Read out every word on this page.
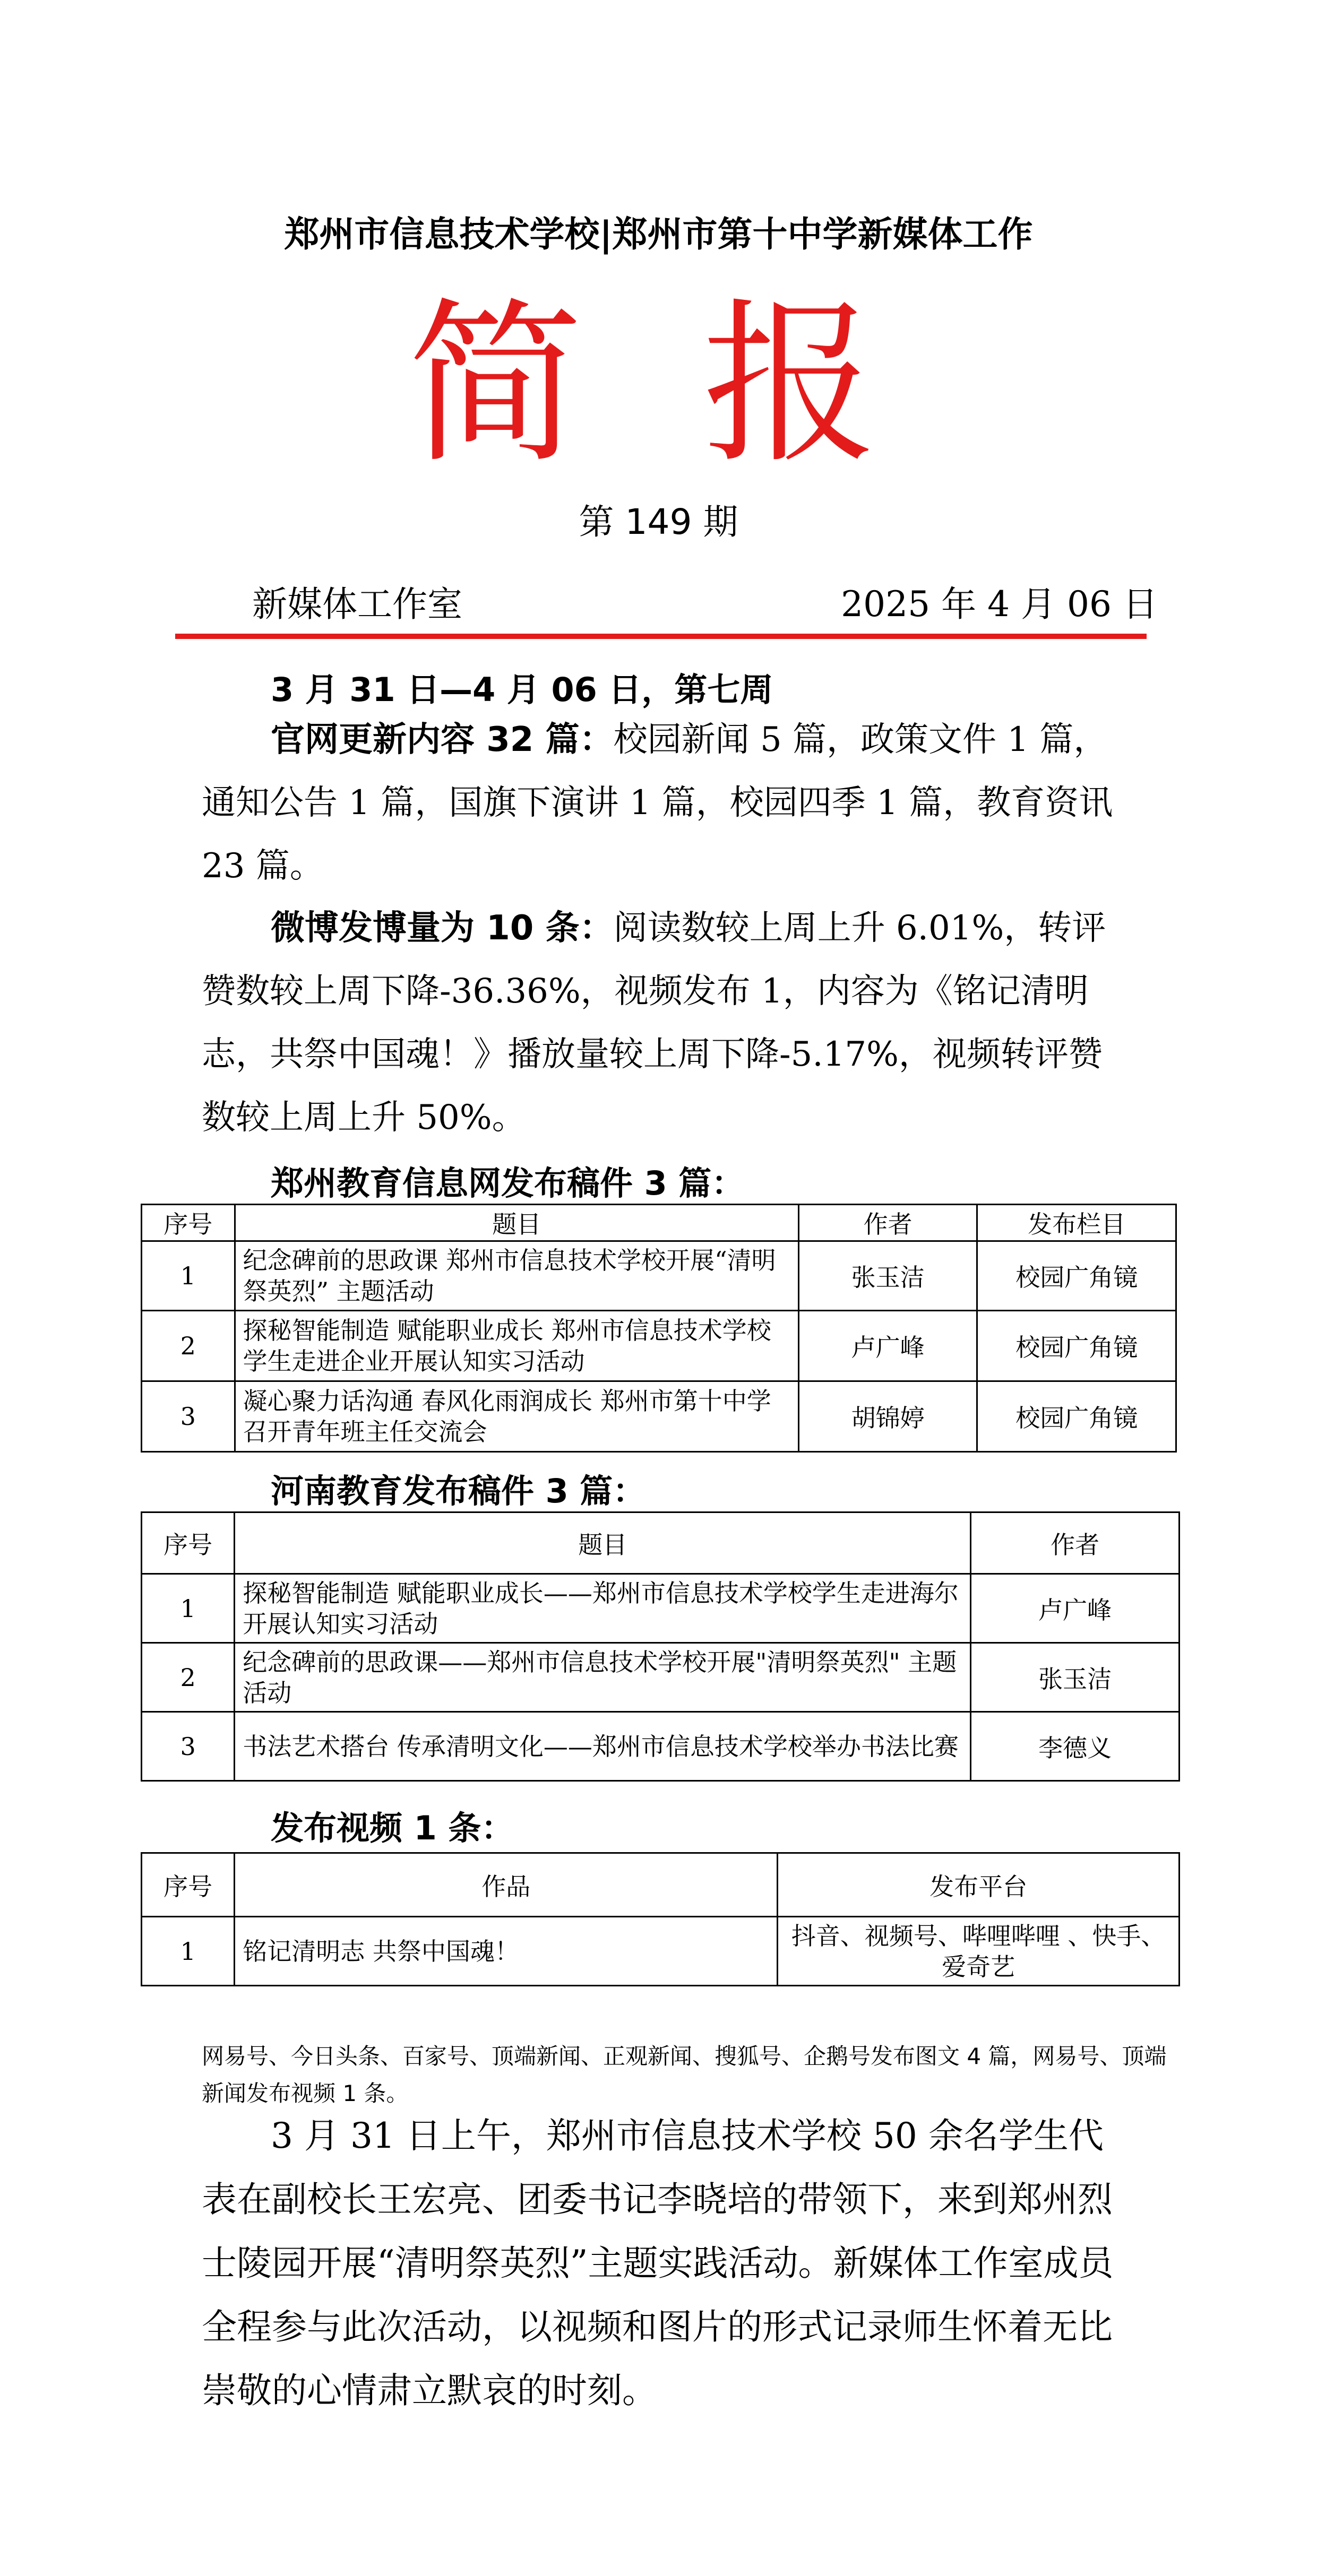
郑州市信息技术学校|郑州市第十中学新媒体工作
简 报
第 149 期
新媒体工作室	2025 年 4 月 06 日
3 月 31 日—4 月 06 日，第七周
官网更新内容 32 篇：校园新闻 5 篇，政策文件 1 篇，通知公告 1 篇，国旗下演讲 1 篇，校园四季 1 篇，教育资讯 23 篇。
微博发博量为 10 条：阅读数较上周上升 6.01%，转评赞数较上周下降-36.36%，视频发布 1，内容为《铭记清明志，共祭中国魂！》播放量较上周下降-5.17%，视频转评赞数较上周上升 50%。
郑州教育信息网发布稿件 3 篇：
序号	题目	作者	发布栏目
1	纪念碑前的思政课 郑州市信息技术学校开展“清明祭英烈” 主题活动	张玉洁	校园广角镜
2	探秘智能制造 赋能职业成长 郑州市信息技术学校学生走进企业开展认知实习活动	卢广峰	校园广角镜
3	凝心聚力话沟通 春风化雨润成长 郑州市第十中学召开青年班主任交流会	胡锦婷	校园广角镜
河南教育发布稿件 3 篇：
序号	题目	作者
1	探秘智能制造 赋能职业成长——郑州市信息技术学校学生走进海尔开展认知实习活动	卢广峰
2	纪念碑前的思政课——郑州市信息技术学校开展"清明祭英烈" 主题活动	张玉洁
3	书法艺术搭台 传承清明文化——郑州市信息技术学校举办书法比赛	李德义
发布视频 1 条：
序号	作品	发布平台
1	铭记清明志 共祭中国魂！	抖音、视频号、哔哩哔哩 、快手、爱奇艺
网易号、今日头条、百家号、顶端新闻、正观新闻、搜狐号、企鹅号发布图文 4 篇，网易号、顶端新闻发布视频 1 条。
3 月 31 日上午，郑州市信息技术学校 50 余名学生代表在副校长王宏亮、团委书记李晓培的带领下，来到郑州烈士陵园开展“清明祭英烈”主题实践活动。新媒体工作室成员全程参与此次活动，以视频和图片的形式记录师生怀着无比崇敬的心情肃立默哀的时刻。
